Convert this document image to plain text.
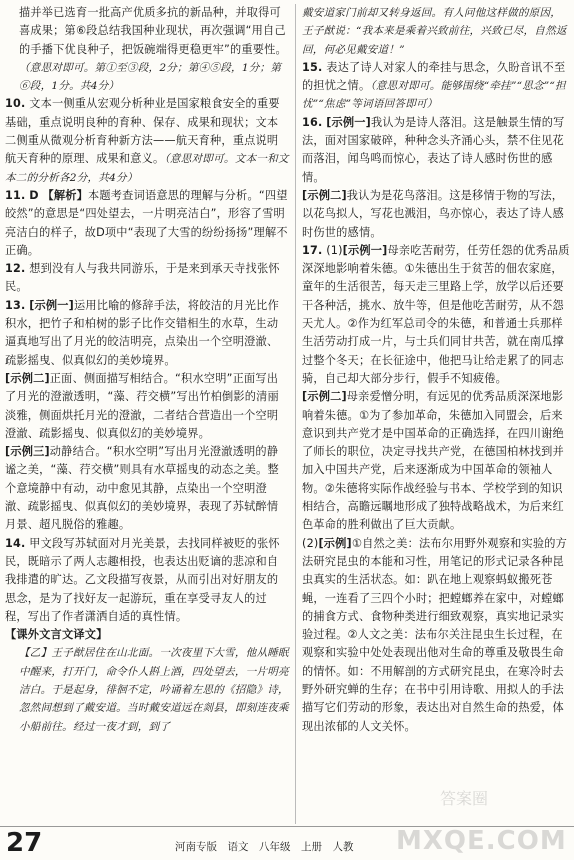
描并举已选育一批高产优质多抗的新品种，并取得可喜成果；第⑥段总结我国种业现状，再次强调“用自己的手播下优良种子，把饭碗端得更稳更牢”的重要性。（意思对即可。第①至③段，2分；第④⑤段，1分；第⑥段，1分。共4分）

10. 文本一侧重从宏观分析种业是国家粮食安全的重要基础，重点说明良种的育种、保存、成果和现状；文本二侧重从微观分析育种新方法——航天育种，重点说明航天育种的原理、成果和意义。（意思对即可。文本一和文本二的分析各2分，共4分）

11. D 【解析】本题考查词语意思的理解与分析。“四望皎然”的意思是“四处望去，一片明亮洁白”，形容了雪明亮洁白的样子，故D项中“表现了大雪的纷纷扬扬”理解不正确。

12. 想到没有人与我共同游乐，于是来到承天寺找张怀民。

13. [示例一]运用比喻的修辞手法，将皎洁的月光比作积水，把竹子和柏树的影子比作交错相生的水草，生动逼真地写出了月光的皎洁明亮，点染出一个空明澄澈、疏影摇曳、似真似幻的美妙境界。

[示例二]正面、侧面描写相结合。“积水空明”正面写出了月光的澄澈透明，“藻、荇交横”写出竹柏倒影的清丽淡雅，侧面烘托月光的澄澈，二者结合营造出一个空明澄澈、疏影摇曳、似真似幻的美妙境界。

[示例三]动静结合。“积水空明”写出月光澄澈透明的静谧之美，“藻、荇交横”则具有水草摇曳的动态之美。整个意境静中有动，动中愈见其静，点染出一个空明澄澈、疏影摇曳、似真似幻的美妙境界，表现了苏轼醉情月景、超凡脱俗的雅趣。

14. 甲文段写苏轼面对月光美景，去找同样被贬的张怀民，既暗示了两人志趣相投，也表达出贬谪的悲凉和自我排遣的旷达。乙文段描写夜景，从而引出对好朋友的思念，是为了找好友一起游玩，重在享受寻友人的过程，写出了作者潇洒自适的真性情。

【课外文言文译文】

【乙】王子猷居住在山北面。一次夜里下大雪，他从睡眠中醒来，打开门，命令仆人斟上酒，四处望去，一片明亮洁白。于是起身，徘徊不定，吟诵着左思的《招隐》诗，忽然间想到了戴安道。当时戴安道远在剡县，即刻连夜乘小船前往。经过一夜才到，到了

戴安道家门前却又转身返回。有人问他这样做的原因，王子猷说：“我本来是乘着兴致前往，兴致已尽，自然返回，何必见戴安道！”

15. 表达了诗人对家人的牵挂与思念，久盼音讯不至的担忧之情。（意思对即可。能够围绕“牵挂”“思念”“担忧”“焦虑”等词语回答即可）

16. [示例一]我认为是诗人落泪。这是触景生情的写法，面对国家破碎，种种念头齐涌心头，禁不住见花而落泪，闻鸟鸣而惊心，表达了诗人感时伤世的感情。

[示例二]我认为是花鸟落泪。这是移情于物的写法，以花鸟拟人，写花也溅泪，鸟亦惊心，表达了诗人感时伤世的感情。

17. (1)[示例一]母亲吃苦耐劳，任劳任怨的优秀品质深深地影响着朱德。①朱德出生于贫苦的佃农家庭，童年的生活很苦，每天走三里路上学，放学以后还要干各种活，挑水、放牛等，但是他吃苦耐劳，从不怨天尤人。②作为红军总司令的朱德，和普通士兵那样生活劳动打成一片，与士兵们同甘共苦，就在南瓜撑过整个冬天；在长征途中，他把马让给走累了的同志骑，自己却大部分步行，假手不知疲倦。

[示例二]母亲爱憎分明，有远见的优秀品质深深地影响着朱德。①为了参加革命，朱德加入同盟会，后来意识到共产党才是中国革命的正确选择，在四川谢绝了师长的职位，决定寻找共产党，在德国柏林找到并加入中国共产党，后来逐渐成为中国革命的领袖人物。②朱德将实际作战经验与书本、学校学到的知识相结合，高瞻远瞩地形成了独特战略战术，为后来红色革命的胜利做出了巨大贡献。

(2)[示例]①自然之美：法布尔用野外观察和实验的方法研究昆虫的本能和习性，用笔记的形式记录各种昆虫真实的生活状态。如：趴在地上观察蚂蚁搬死苍蝇，一连看了三四个小时；把螳螂养在家中，对螳螂的捕食方式、食物种类进行细致观察，真实地记录实验过程。②人文之美：法布尔关注昆虫生长过程，在观察和实验中处处表现出他对生命的尊重及敬畏生命的情怀。如：不用解剖的方式研究昆虫，在寒冷时去野外研究蝉的生存；在书中引用诗歌、用拟人的手法描写它们劳动的形象，表达出对自然生命的热爱，体现出浓郁的人文关怀。

27	河南专版　语文　八年级　上册　人教
答案圈
MXQE.COM
